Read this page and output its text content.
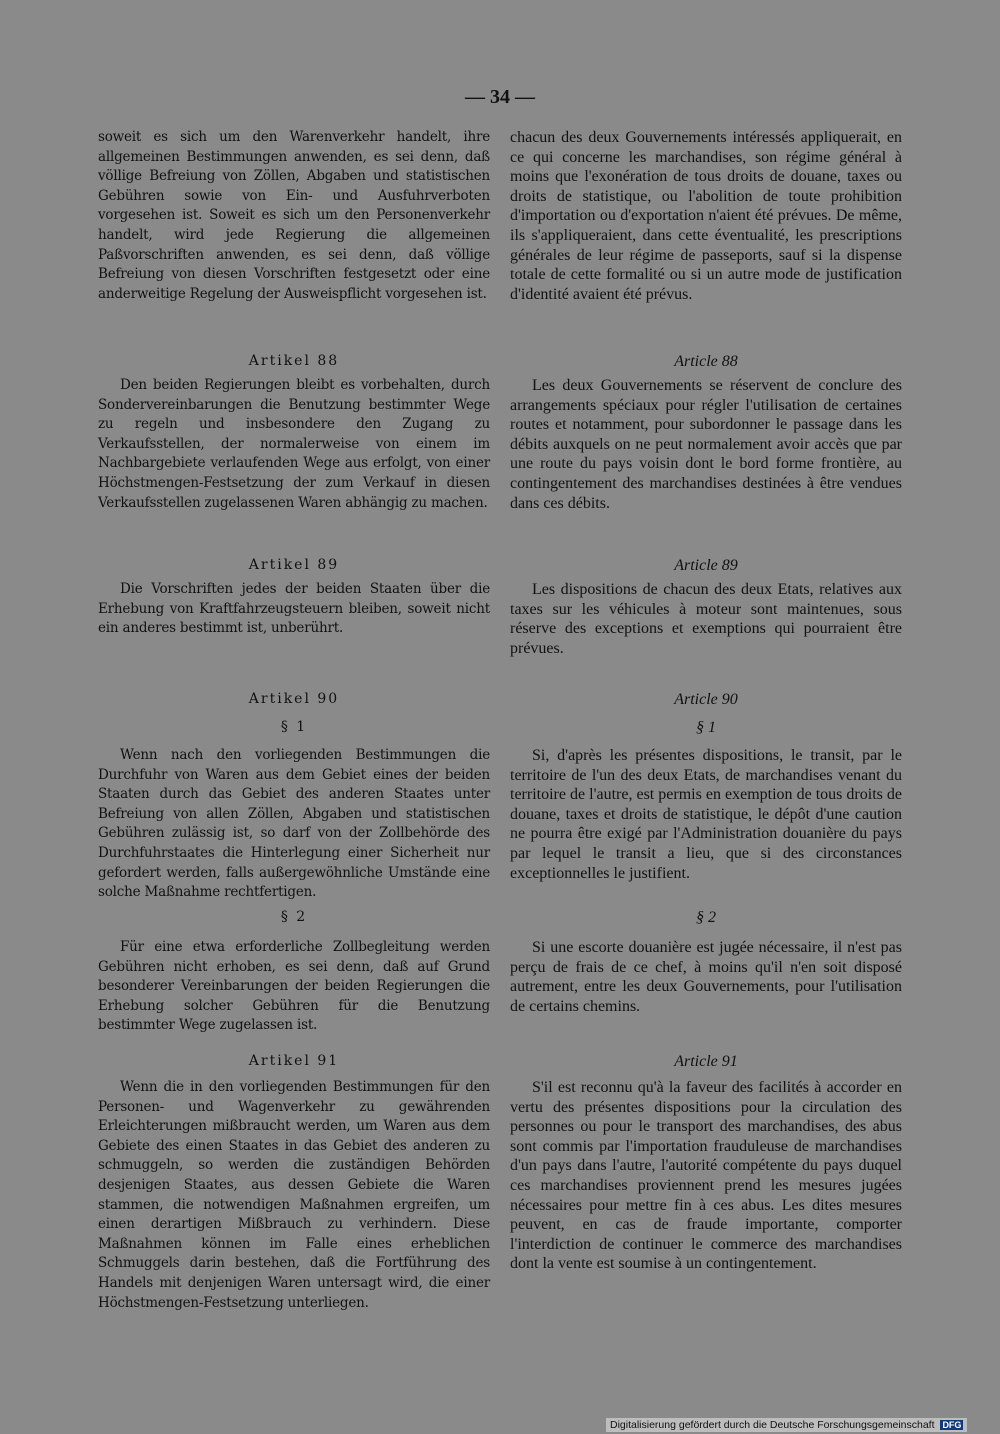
— 34 —

soweit es sich um den Warenverkehr handelt, ihre allgemeinen Bestimmungen anwenden, es sei denn, daß völlige Befreiung von Zöllen, Abgaben und statistischen Gebühren sowie von Ein- und Ausfuhrverboten vorgesehen ist. Soweit es sich um den Personenverkehr handelt, wird jede Regierung die allgemeinen Paßvorschriften anwenden, es sei denn, daß völlige Befreiung von diesen Vorschriften festgesetzt oder eine anderweitige Regelung der Ausweispflicht vorgesehen ist.

Artikel 88

Den beiden Regierungen bleibt es vorbehalten, durch Sondervereinbarungen die Benutzung bestimmter Wege zu regeln und insbesondere den Zugang zu Verkaufsstellen, der normalerweise von einem im Nachbargebiete verlaufenden Wege aus erfolgt, von einer Höchstmengen-Festsetzung der zum Verkauf in diesen Verkaufsstellen zugelassenen Waren abhängig zu machen.

Artikel 89

Die Vorschriften jedes der beiden Staaten über die Erhebung von Kraftfahrzeugsteuern bleiben, soweit nicht ein anderes bestimmt ist, unberührt.

Artikel 90

§ 1

Wenn nach den vorliegenden Bestimmungen die Durchfuhr von Waren aus dem Gebiet eines der beiden Staaten durch das Gebiet des anderen Staates unter Befreiung von allen Zöllen, Abgaben und statistischen Gebühren zulässig ist, so darf von der Zollbehörde des Durchfuhrstaates die Hinterlegung einer Sicherheit nur gefordert werden, falls außergewöhnliche Umstände eine solche Maßnahme rechtfertigen.

§ 2

Für eine etwa erforderliche Zollbegleitung werden Gebühren nicht erhoben, es sei denn, daß auf Grund besonderer Vereinbarungen der beiden Regierungen die Erhebung solcher Gebühren für die Benutzung bestimmter Wege zugelassen ist.

Artikel 91

Wenn die in den vorliegenden Bestimmungen für den Personen- und Wagenverkehr zu gewährenden Erleichterungen mißbraucht werden, um Waren aus dem Gebiete des einen Staates in das Gebiet des anderen zu schmuggeln, so werden die zuständigen Behörden desjenigen Staates, aus dessen Gebiete die Waren stammen, die notwendigen Maßnahmen ergreifen, um einen derartigen Mißbrauch zu verhindern. Diese Maßnahmen können im Falle eines erheblichen Schmuggels darin bestehen, daß die Fortführung des Handels mit denjenigen Waren untersagt wird, die einer Höchstmengen-Festsetzung unterliegen.

chacun des deux Gouvernements intéressés appliquerait, en ce qui concerne les marchandises, son régime général à moins que l'exonération de tous droits de douane, taxes ou droits de statistique, ou l'abolition de toute prohibition d'importation ou d'exportation n'aient été prévues. De même, ils s'appliqueraient, dans cette éventualité, les prescriptions générales de leur régime de passeports, sauf si la dispense totale de cette formalité ou si un autre mode de justification d'identité avaient été prévus.

Article 88

Les deux Gouvernements se réservent de conclure des arrangements spéciaux pour régler l'utilisation de certaines routes et notamment, pour subordonner le passage dans les débits auxquels on ne peut normalement avoir accès que par une route du pays voisin dont le bord forme frontière, au contingentement des marchandises destinées à être vendues dans ces débits.

Article 89

Les dispositions de chacun des deux Etats, relatives aux taxes sur les véhicules à moteur sont maintenues, sous réserve des exceptions et exemptions qui pourraient être prévues.

Article 90

§ 1

Si, d'après les présentes dispositions, le transit, par le territoire de l'un des deux Etats, de marchandises venant du territoire de l'autre, est permis en exemption de tous droits de douane, taxes et droits de statistique, le dépôt d'une caution ne pourra être exigé par l'Administration douanière du pays par lequel le transit a lieu, que si des circonstances exceptionnelles le justifient.

§ 2

Si une escorte douanière est jugée nécessaire, il n'est pas perçu de frais de ce chef, à moins qu'il n'en soit disposé autrement, entre les deux Gouvernements, pour l'utilisation de certains chemins.

Article 91

S'il est reconnu qu'à la faveur des facilités à accorder en vertu des présentes dispositions pour la circulation des personnes ou pour le transport des marchandises, des abus sont commis par l'importation frauduleuse de marchandises d'un pays dans l'autre, l'autorité compétente du pays duquel ces marchandises proviennent prend les mesures jugées nécessaires pour mettre fin à ces abus. Les dites mesures peuvent, en cas de fraude importante, comporter l'interdiction de continuer le commerce des marchandises dont la vente est soumise à un contingentement.

Digitalisierung gefördert durch die Deutsche Forschungsgemeinschaft DFG
